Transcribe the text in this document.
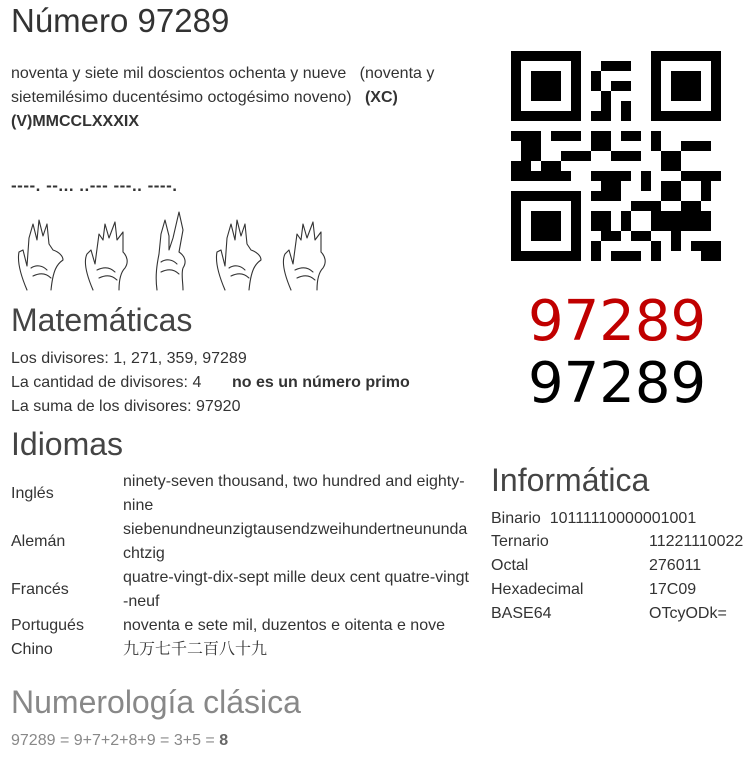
Número 97289
noventa y siete mil doscientos ochenta y nueve (noventa y sietemilésimo ducentésimo octogésimo noveno) (XC)(V)MMCCLXXXIX
----. --... ..--- ---.. ----.
Matemáticas
Los divisores: 1, 271, 359, 97289
La cantidad de divisores: 4 no es un número primo
La suma de los divisores: 97920
Idiomas
Inglés	ninety-seven thousand, two hundred and eighty-nine
Alemán	siebenundneunzigtausendzweihundertneunundachtzig
Francés	quatre-vingt-dix-sept mille deux cent quatre-vingt-neuf
Portugués	noventa e sete mil, duzentos e oitenta e nove
Chino	九万七千二百八十九
97289
97289
Informática
Binario 10111110000001001
Ternario	11221110022
Octal	276011
Hexadecimal	17C09
BASE64	OTcyODk=
Numerología clásica
97289 = 9+7+2+8+9 = 3+5 = 8
